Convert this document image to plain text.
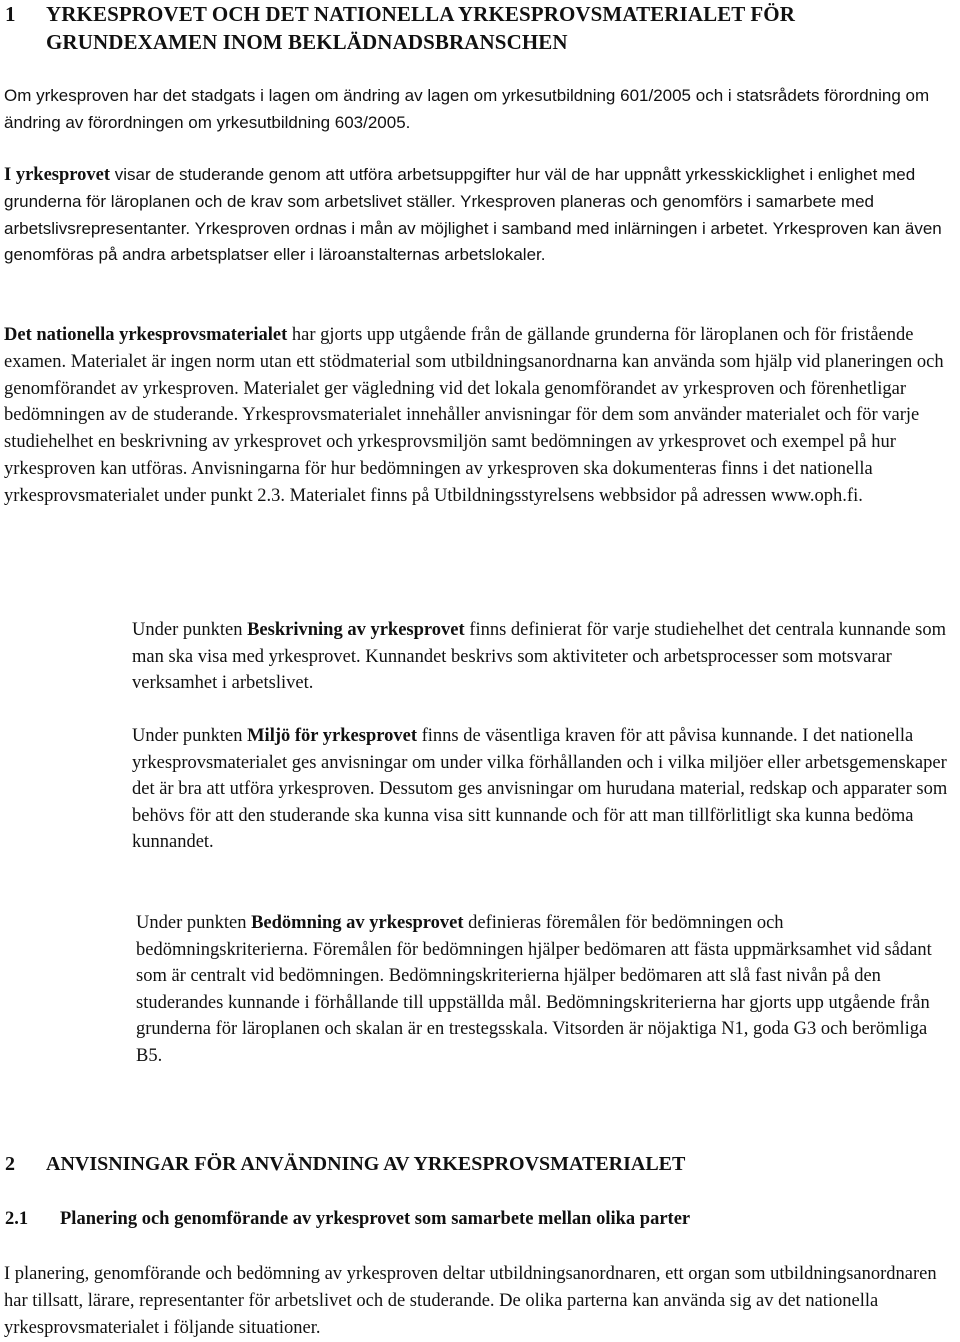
1 YRKESPROVET OCH DET NATIONELLA YRKESPROVSMATERIALET FÖR
GRUNDEXAMEN INOM BEKLÄDNADSBRANSCHEN

Om yrkesproven har det stadgats i lagen om ändring av lagen om yrkesutbildning 601/2005 och i statsrådets förordning om ändring av förordningen om yrkesutbildning 603/2005.

I yrkesprovet visar de studerande genom att utföra arbetsuppgifter hur väl de har uppnått yrkesskicklighet i enlighet med grunderna för läroplanen och de krav som arbetslivet ställer. Yrkesproven planeras och genomförs i samarbete med arbetslivsrepresentanter. Yrkesproven ordnas i mån av möjlighet i samband med inlärningen i arbetet. Yrkesproven kan även genomföras på andra arbetsplatser eller i läroanstalternas arbetslokaler.

Det nationella yrkesprovsmaterialet har gjorts upp utgående från de gällande grunderna för läroplanen och för fristående examen. Materialet är ingen norm utan ett stödmaterial som utbildningsanordnarna kan använda som hjälp vid planeringen och genomförandet av yrkesproven. Materialet ger vägledning vid det lokala genomförandet av yrkesproven och förenhetligar bedömningen av de studerande. Yrkesprovsmaterialet innehåller anvisningar för dem som använder materialet och för varje studiehelhet en beskrivning av yrkesprovet och yrkesprovsmiljön samt bedömningen av yrkesprovet och exempel på hur yrkesproven kan utföras. Anvisningarna för hur bedömningen av yrkesproven ska dokumenteras finns i det nationella yrkesprovsmaterialet under punkt 2.3. Materialet finns på Utbildningsstyrelsens webbsidor på adressen www.oph.fi.

Under punkten Beskrivning av yrkesprovet finns definierat för varje studiehelhet det centrala kunnande som man ska visa med yrkesprovet. Kunnandet beskrivs som aktiviteter och arbetsprocesser som motsvarar verksamhet i arbetslivet.

Under punkten Miljö för yrkesprovet finns de väsentliga kraven för att påvisa kunnande. I det nationella yrkesprovsmaterialet ges anvisningar om under vilka förhållanden och i vilka miljöer eller arbetsgemenskaper det är bra att utföra yrkesproven. Dessutom ges anvisningar om hurudana material, redskap och apparater som behövs för att den studerande ska kunna visa sitt kunnande och för att man tillförlitligt ska kunna bedöma kunnandet.

Under punkten Bedömning av yrkesprovet definieras föremålen för bedömningen och bedömningskriterierna. Föremålen för bedömningen hjälper bedömaren att fästa uppmärksamhet vid sådant som är centralt vid bedömningen. Bedömningskriterierna hjälper bedömaren att slå fast nivån på den studerandes kunnande i förhållande till uppställda mål. Bedömningskriterierna har gjorts upp utgående från grunderna för läroplanen och skalan är en trestegsskala. Vitsorden är nöjaktiga N1, goda G3 och berömliga B5.

2 ANVISNINGAR FÖR ANVÄNDNING AV YRKESPROVSMATERIALET
2.1 Planering och genomförande av yrkesprovet som samarbete mellan olika parter

I planering, genomförande och bedömning av yrkesproven deltar utbildningsanordnaren, ett organ som utbildningsanordnaren har tillsatt, lärare, representanter för arbetslivet och de studerande. De olika parterna kan använda sig av det nationella yrkesprovsmaterialet i följande situationer.
